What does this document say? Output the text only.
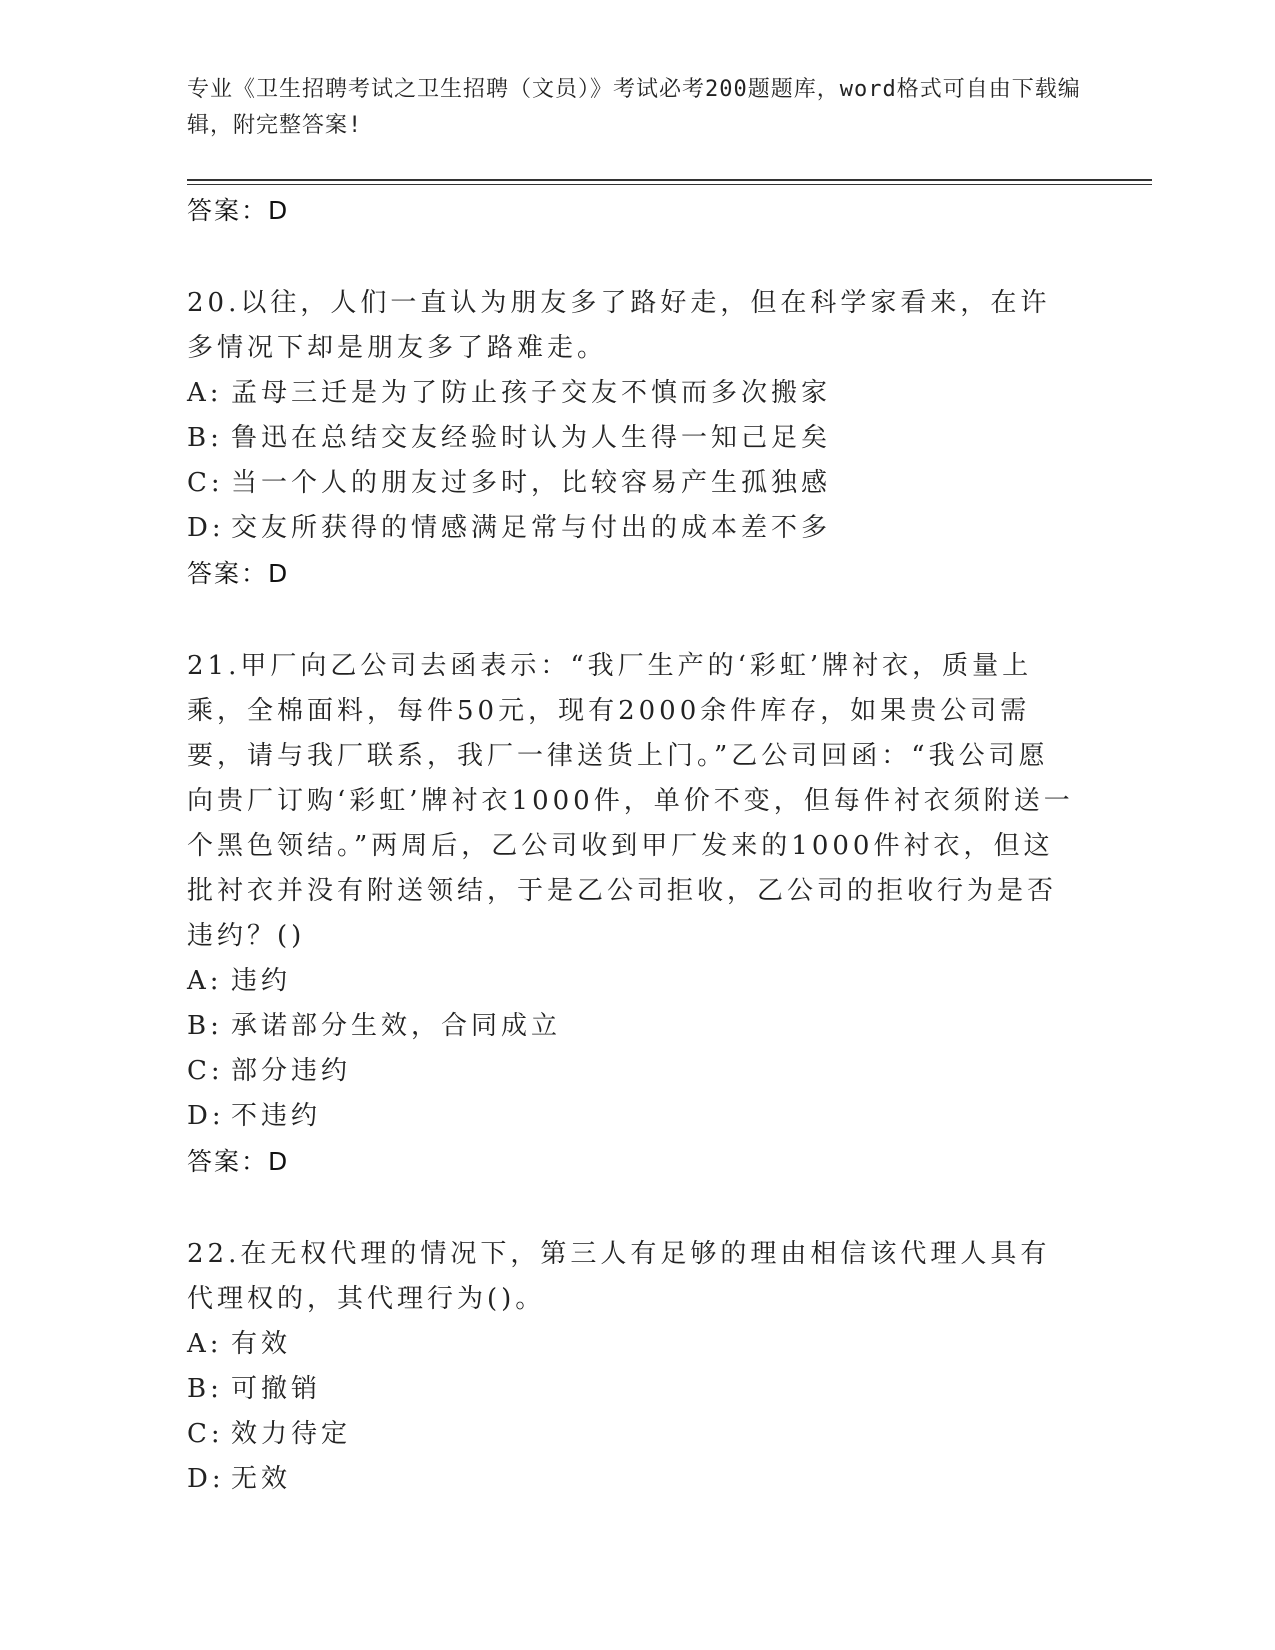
专业《卫生招聘考试之卫生招聘（文员）》考试必考200题题库，word格式可自由下载编辑，附完整答案!
答案：D
20.以往，人们一直认为朋友多了路好走，但在科学家看来，在许多情况下却是朋友多了路难走。
A: 孟母三迁是为了防止孩子交友不慎而多次搬家
B: 鲁迅在总结交友经验时认为人生得一知己足矣
C: 当一个人的朋友过多时，比较容易产生孤独感
D: 交友所获得的情感满足常与付出的成本差不多
答案：D
21.甲厂向乙公司去函表示：“我厂生产的‘彩虹’牌衬衣，质量上乘，全棉面料，每件50元，现有2000余件库存，如果贵公司需要，请与我厂联系，我厂一律送货上门。”乙公司回函：“我公司愿向贵厂订购‘彩虹’牌衬衣1000件，单价不变，但每件衬衣须附送一个黑色领结。”两周后，乙公司收到甲厂发来的1000件衬衣，但这批衬衣并没有附送领结，于是乙公司拒收，乙公司的拒收行为是否违约？()
A: 违约
B: 承诺部分生效，合同成立
C: 部分违约
D: 不违约
答案：D
22.在无权代理的情况下，第三人有足够的理由相信该代理人具有代理权的，其代理行为()。
A: 有效
B: 可撤销
C: 效力待定
D: 无效
